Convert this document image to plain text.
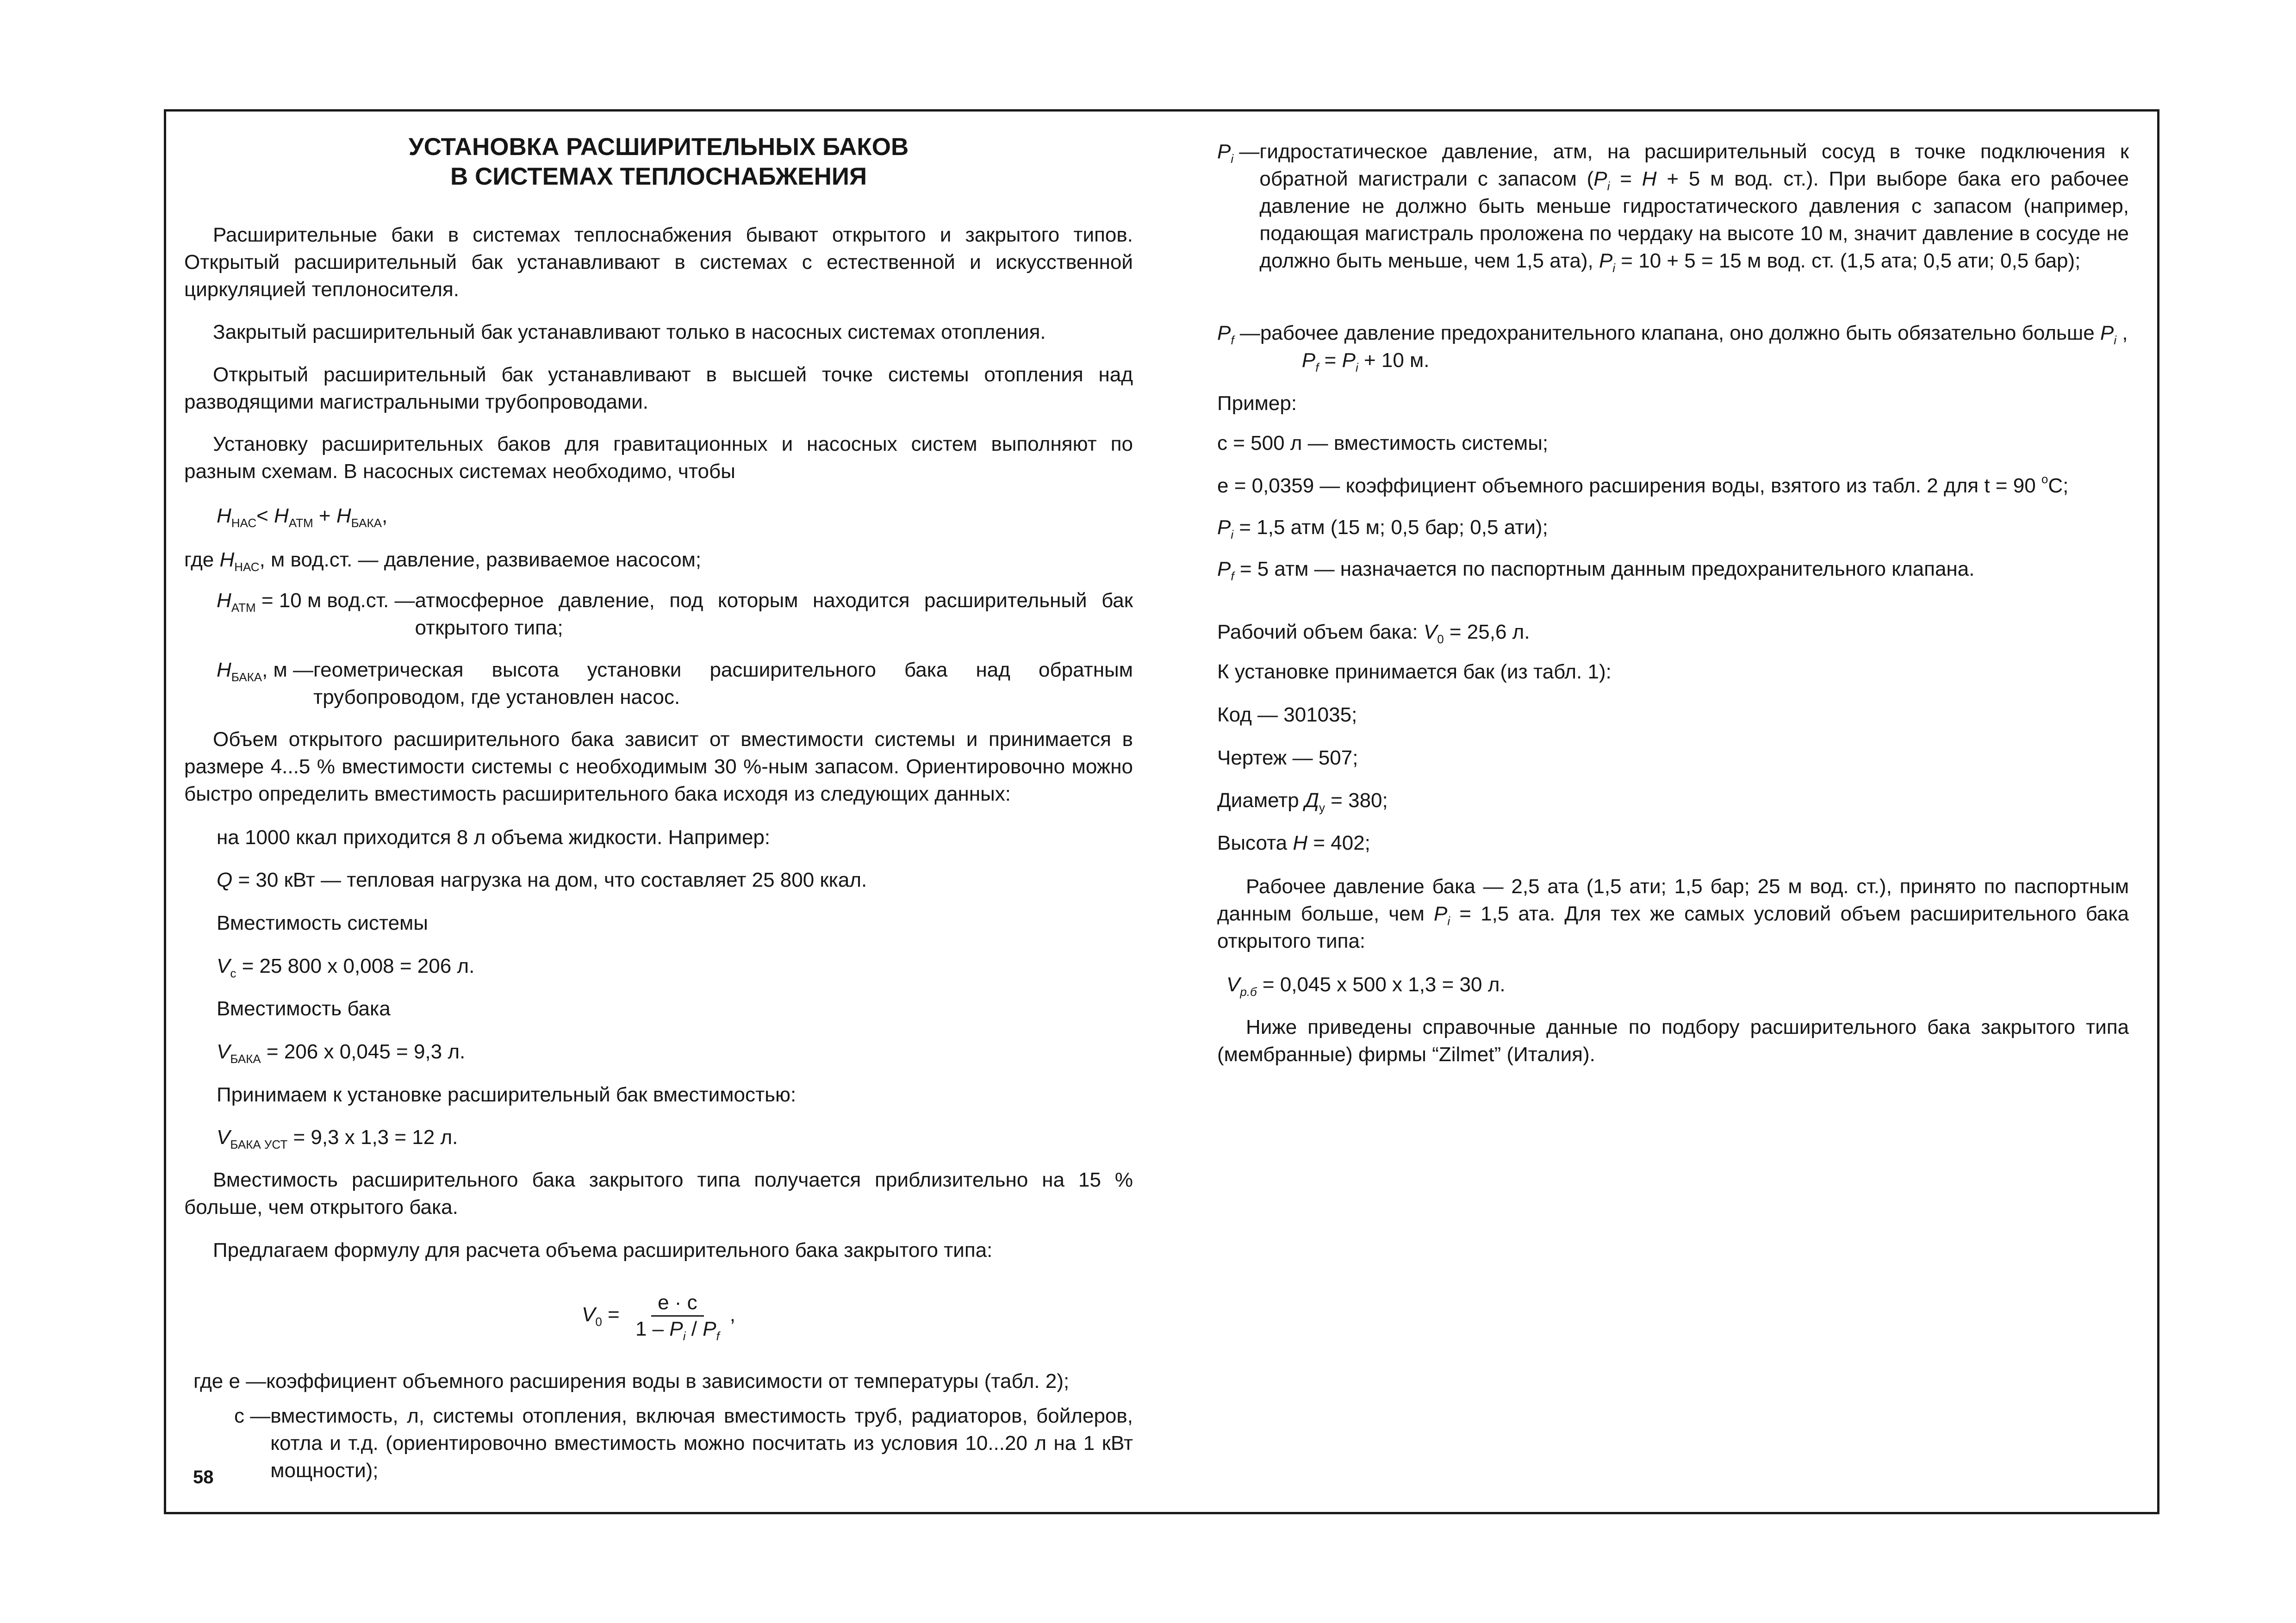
УСТАНОВКА РАСШИРИТЕЛЬНЫХ БАКОВ

В СИСТЕМАХ ТЕПЛОСНАБЖЕНИЯ

Расширительные баки в системах теплоснабжения бывают открытого и закрытого типов. Открытый расширительный бак устанавливают в системах с естественной и искусственной циркуляцией теплоносителя.

Закрытый расширительный бак устанавливают только в насосных системах отопления.

Открытый расширительный бак устанавливают в высшей точке системы отопления над разводящими магистральными трубопроводами.

Установку расширительных баков для гравитационных и насосных систем выполняют по разным схемам. В насосных системах необходимо, чтобы

$H_{НАС}< H_{АТМ} + H_{БАКА}$,

где $H_{НАС}$, м вод.ст. — давление, развиваемое насосом;

$H_{АТМ} = 10$ м вод.ст. — атмосферное давление, под которым находится расширительный бак открытого типа;
$H_{БАКА}$, м — геометрическая высота установки расширительного бака над обратным трубопроводом, где установлен насос.

Объем открытого расширительного бака зависит от вместимости системы и принимается в размере 4...5 % вместимости системы с необходимым 30 %-ным запасом. Ориентировочно можно быстро определить вместимость расширительного бака исходя из следующих данных:

на 1000 ккал приходится 8 л объема жидкости. Например:

Q = 30 кВт — тепловая нагрузка на дом, что составляет 25 800 ккал.

Вместимость системы

$V_с = 25$ 800 x 0,008 = 206 л.

Вместимость бака

$V_{БАКА} = 206$ x 0,045 = 9,3 л.

Принимаем к установке расширительный бак вместимостью:

$V_{БАКА УСТ} = 9,3$ x 1,3 = 12 л.

Вместимость расширительного бака закрытого типа получается приблизительно на 15 % больше, чем открытого бака.

Предлагаем формулу для расчета объема расширительного бака закрытого типа:

$V_0 = \frac{е \cdot с}{1 - P_i / P_f}$ ,
где е — коэффициент объемного расширения воды в зависимости от температуры (табл. 2);
с — вместимость, л, системы отопления, включая вместимость труб, радиаторов, бойлеров, котла и т.д. (ориентировочно вместимость можно посчитать из условия 10...20 л на 1 кВт мощности);
58
$P_i$ — гидростатическое давление, атм, на расширительный сосуд в точке подключения к обратной магистрали с запасом ($P_i = H + 5$ м вод. ст.). При выборе бака его рабочее давление не должно быть меньше гидростатического давления с запасом (например, подающая магистраль проложена по чердаку на высоте 10 м, значит давление в сосуде не должно быть меньше, чем 1,5 ата), $P_i = 10 + 5 = 15$ м вод. ст. (1,5 ата; 0,5 ати; 0,5 бар);
$P_f$ — рабочее давление предохранительного клапана, оно должно быть обязательно больше $P_i$ $,P_f = P_i + 10$ м.

Пример:

с = 500 л — вместимость системы;

е = 0,0359 — коэффициент объемного расширения воды, взятого из табл. 2 для t = 90 $^o$C;

$P_i = 1,5$ атм (15 м; 0,5 бар; 0,5 ати);

$P_f = 5$ атм — назначается по паспортным данным предохранительного клапана.

Рабочий объем бака: $V_0 = 25,6$ л.

К установке принимается бак (из табл. 1):

Код — 301035;

Чертеж — 507;

Диаметр $Д_у = 380$;

Высота H = 402;

Рабочее давление бака — 2,5 ата (1,5 ати; 1,5 бар; 25 м вод. ст.), принято по паспортным данным больше, чем $P_i = 1,5$ ата. Для тех же самых условий объем расширительного бака открытого типа:

$V_{р.б} = 0,045$ x 500 x 1,3 = 30 л.

Ниже приведены справочные данные по подбору расширительного бака закрытого типа (мембранные) фирмы “Zilmet” (Италия).
